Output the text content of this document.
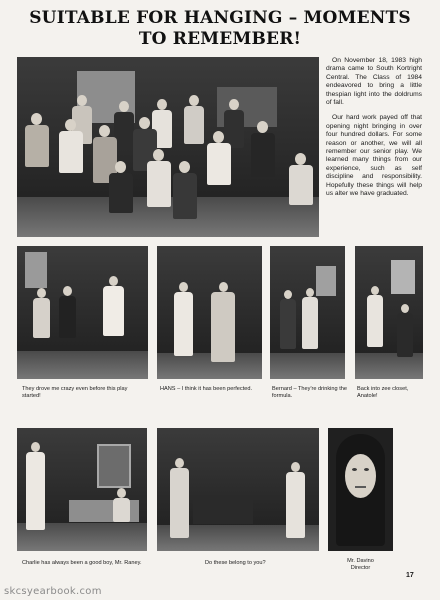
SUITABLE FOR HANGING – MOMENTS TO REMEMBER!

On November 18, 1983 high drama came to South Kortright Central. The Class of 1984 endeavored to bring a little thespian light into the doldrums of fall.

Our hard work payed off that opening night bringing in over four hundred dollars. For some reason or another, we will all remember our senior play. We learned many things from our experience, such as self discipline and responsibility. Hopefully these things will help us alter we have graduated.

They drove me crazy even before this play started!
HANS – I think it has been perfected.	Bernard – They're drinking the formula.
Back into zee closet, Anatole!
Charlie has always been a good boy, Mr. Raney.	Do these belong to you?	Mr. Davino
Director
17
skcsyearbook.com
